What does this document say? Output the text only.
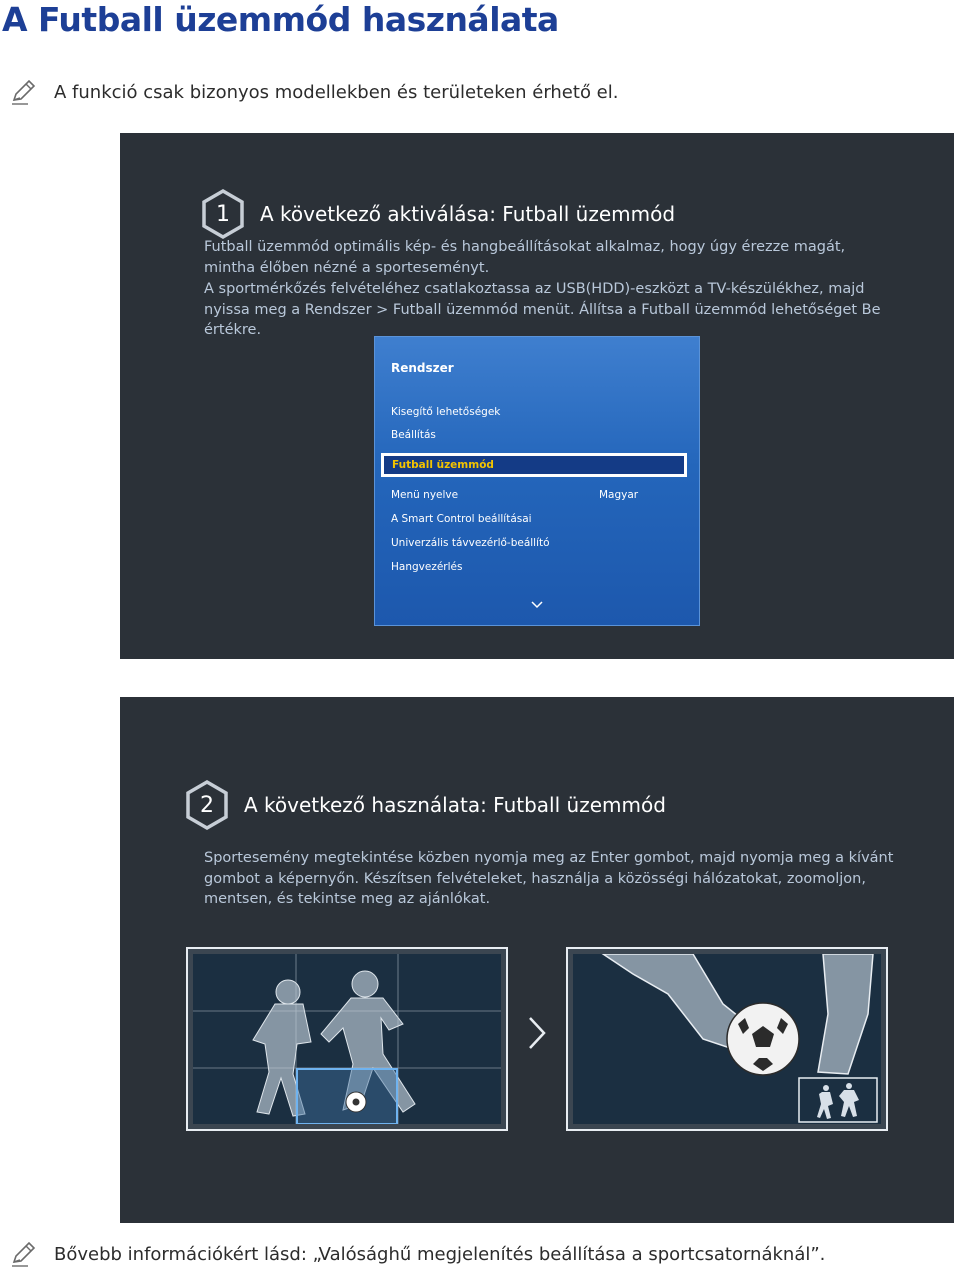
A Futball üzemmód használata
A funkció csak bizonyos modellekben és területeken érhető el.
1	A következő aktiválása: Futball üzemmód
Futball üzemmód optimális kép- és hangbeállításokat alkalmaz, hogy úgy érezze magát, mintha élőben nézné a sporteseményt.
A sportmérkőzés felvételéhez csatlakoztassa az USB(HDD)-eszközt a TV-készülékhez, majd nyissa meg a Rendszer > Futball üzemmód menüt. Állítsa a Futball üzemmód lehetőséget Be értékre.
Rendszer
Kisegítő lehetőségek
Beállítás
Futball üzemmód
Menü nyelve	Magyar
A Smart Control beállításai
Univerzális távvezérlő-beállító
Hangvezérlés
2	A következő használata: Futball üzemmód
Sportesemény megtekintése közben nyomja meg az Enter gombot, majd nyomja meg a kívánt gombot a képernyőn. Készítsen felvételeket, használja a közösségi hálózatokat, zoomoljon, mentsen, és tekintse meg az ajánlókat.
Bővebb információkért lásd: „Valósághű megjelenítés beállítása a sportcsatornáknál”.
